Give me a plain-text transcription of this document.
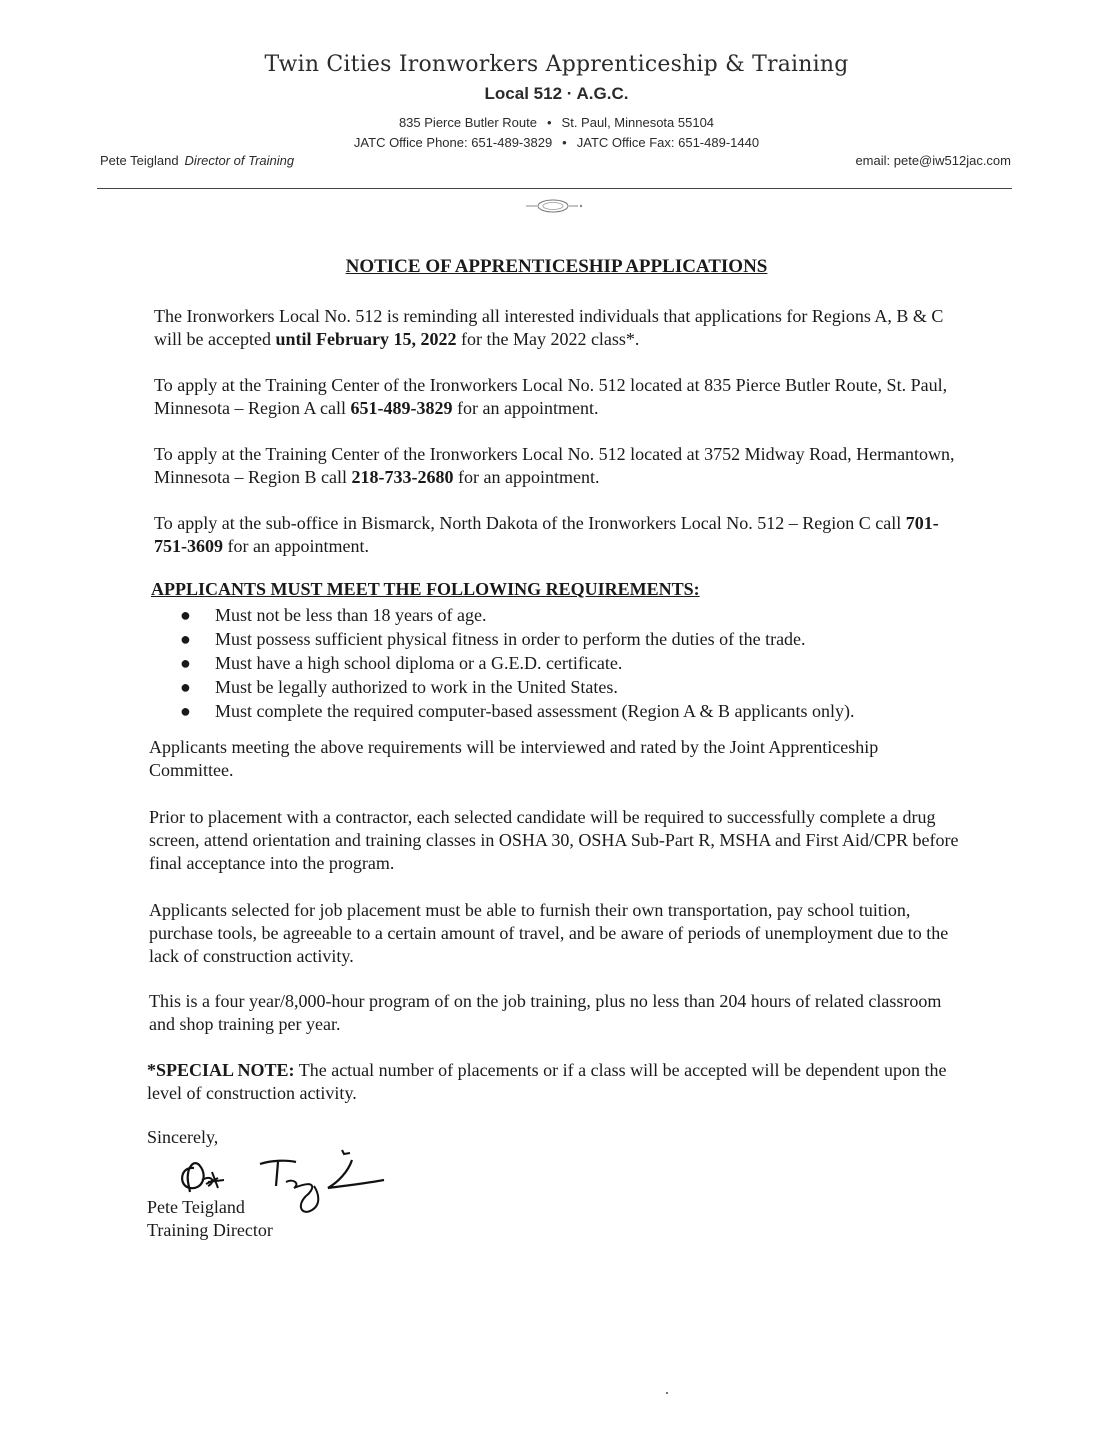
Twin Cities Ironworkers Apprenticeship & Training
Local 512 · A.G.C.
835 Pierce Butler Route • St. Paul, Minnesota 55104
JATC Office Phone: 651-489-3829 • JATC Office Fax: 651-489-1440
Pete Teigland Director of Training	email: pete@iw512jac.com
NOTICE OF APPRENTICESHIP APPLICATIONS

The Ironworkers Local No. 512 is reminding all interested individuals that applications for Regions A, B & C will be accepted until February 15, 2022 for the May 2022 class*.

To apply at the Training Center of the Ironworkers Local No. 512 located at 835 Pierce Butler Route, St. Paul, Minnesota – Region A call 651-489-3829 for an appointment.

To apply at the Training Center of the Ironworkers Local No. 512 located at 3752 Midway Road, Hermantown, Minnesota – Region B call 218-733-2680 for an appointment.

To apply at the sub-office in Bismarck, North Dakota of the Ironworkers Local No. 512 – Region C call 701-751-3609 for an appointment.

APPLICANTS MUST MEET THE FOLLOWING REQUIREMENTS:
● Must not be less than 18 years of age.
● Must possess sufficient physical fitness in order to perform the duties of the trade.
● Must have a high school diploma or a G.E.D. certificate.
● Must be legally authorized to work in the United States.
● Must complete the required computer-based assessment (Region A & B applicants only).

Applicants meeting the above requirements will be interviewed and rated by the Joint Apprenticeship Committee.

Prior to placement with a contractor, each selected candidate will be required to successfully complete a drug screen, attend orientation and training classes in OSHA 30, OSHA Sub-Part R, MSHA and First Aid/CPR before final acceptance into the program.

Applicants selected for job placement must be able to furnish their own transportation, pay school tuition, purchase tools, be agreeable to a certain amount of travel, and be aware of periods of unemployment due to the lack of construction activity.

This is a four year/8,000-hour program of on the job training, plus no less than 204 hours of related classroom and shop training per year.

*SPECIAL NOTE: The actual number of placements or if a class will be accepted will be dependent upon the level of construction activity.

Sincerely,
Pete Teigland
Training Director
